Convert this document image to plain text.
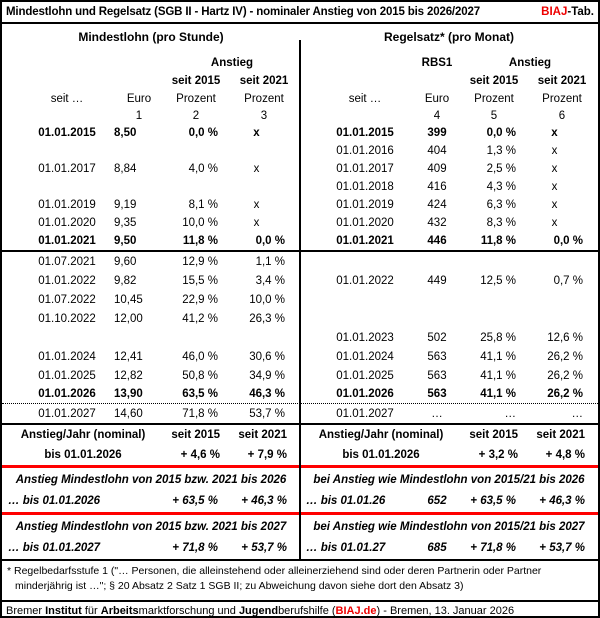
Mindestlohn und Regelsatz (SGB II - Hartz IV) - nominaler Anstieg von 2015 bis 2026/2027	BIAJ-Tab.
Mindestlohn (pro Stunde)
Anstieg
seit 2015	seit 2021
seit …	Euro	Prozent	Prozent
1	2	3
01.01.2015	8,50	0,0 %	x
01.01.2017	8,84	4,0 %	x
01.01.2019	9,19	8,1 %	x
01.01.2020	9,35	10,0 %	x
01.01.2021	9,50	11,8 %	0,0 %
01.07.2021	9,60	12,9 %	1,1 %
01.01.2022	9,82	15,5 %	3,4 %
01.07.2022	10,45	22,9 %	10,0 %
01.10.2022	12,00	41,2 %	26,3 %
01.01.2024	12,41	46,0 %	30,6 %
01.01.2025	12,82	50,8 %	34,9 %
01.01.2026	13,90	63,5 %	46,3 %
01.01.2027	14,60	71,8 %	53,7 %
Anstieg/Jahr (nominal)	seit 2015	seit 2021
bis 01.01.2026	+ 4,6 %	+ 7,9 %
Anstieg Mindestlohn von 2015 bzw. 2021 bis 2026
… bis 01.01.2026	+ 63,5 %	+ 46,3 %
Anstieg Mindestlohn von 2015 bzw. 2021 bis 2027
… bis 01.01.2027	+ 71,8 %	+ 53,7 %
Regelsatz* (pro Monat)
RBS1	Anstieg
seit 2015	seit 2021
seit …	Euro	Prozent	Prozent
4	5	6
01.01.2015	399	0,0 %	x
01.01.2016	404	1,3 %	x
01.01.2017	409	2,5 %	x
01.01.2018	416	4,3 %	x
01.01.2019	424	6,3 %	x
01.01.2020	432	8,3 %	x
01.01.2021	446	11,8 %	0,0 %
01.01.2022	449	12,5 %	0,7 %
01.01.2023	502	25,8 %	12,6 %
01.01.2024	563	41,1 %	26,2 %
01.01.2025	563	41,1 %	26,2 %
01.01.2026	563	41,1 %	26,2 %
01.01.2027	…	…	…
Anstieg/Jahr (nominal)	seit 2015	seit 2021
bis 01.01.2026	+ 3,2 %	+ 4,8 %
bei Anstieg wie Mindestlohn von 2015/21 bis 2026
… bis 01.01.26	652	+ 63,5 %	+ 46,3 %
bei Anstieg wie Mindestlohn von 2015/21 bis 2027
… bis 01.01.27	685	+ 71,8 %	+ 53,7 %
* Regelbedarfsstufe 1 ("… Personen, die alleinstehend oder alleinerziehend sind oder deren Partnerin oder Partner
minderjährig ist …"; § 20 Absatz 2 Satz 1 SGB II; zu Abweichung davon siehe dort den Absatz 3)
Bremer Institut für Arbeitsmarktforschung und Jugendberufshilfe (BIAJ.de) - Bremen, 13. Januar 2026
